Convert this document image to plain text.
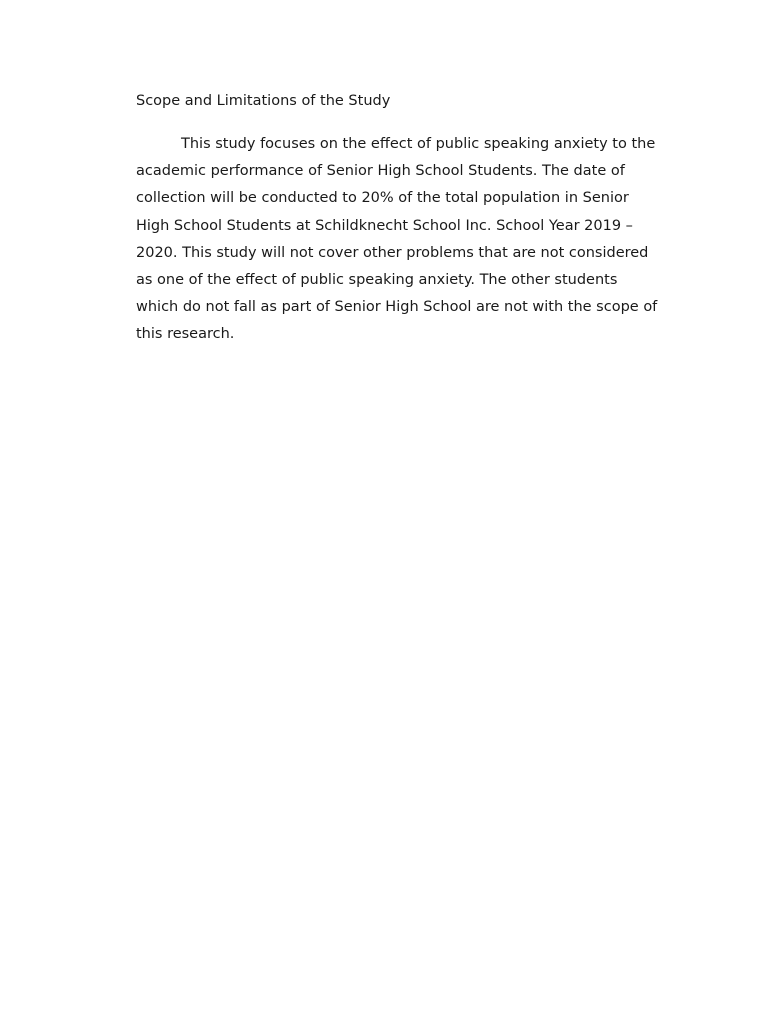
Scope and Limitations of the Study

This study focuses on the effect of public speaking anxiety to the
academic performance of Senior High School Students. The date of
collection will be conducted to 20% of the total population in Senior
High School Students at Schildknecht School Inc. School Year 2019 –
2020. This study will not cover other problems that are not considered
as one of the effect of public speaking anxiety. The other students
which do not fall as part of Senior High School are not with the scope of
this research.
